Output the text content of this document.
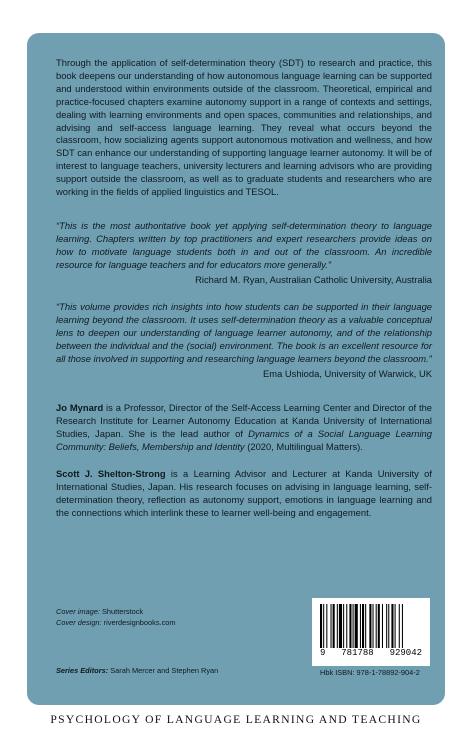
Through the application of self-determination theory (SDT) to research and practice, this book deepens our understanding of how autonomous language learning can be supported and understood within environments outside of the classroom. Theoretical, empirical and practice-focused chapters examine autonomy support in a range of contexts and settings, dealing with learning environments and open spaces, communities and relationships, and advising and self-access language learning. They reveal what occurs beyond the classroom, how socializing agents support autonomous motivation and wellness, and how SDT can enhance our understanding of supporting language learner autonomy. It will be of interest to language teachers, university lecturers and learning advisors who are providing support outside the classroom, as well as to graduate students and researchers who are working in the fields of applied linguistics and TESOL.

“This is the most authoritative book yet applying self-determination theory to language learning. Chapters written by top practitioners and expert researchers provide ideas on how to motivate language students both in and out of the classroom. An incredible resource for language teachers and for educators more generally.”

Richard M. Ryan, Australian Catholic University, Australia

“This volume provides rich insights into how students can be supported in their language learning beyond the classroom. It uses self-determination theory as a valuable conceptual lens to deepen our understanding of language learner autonomy, and of the relationship between the individual and the (social) environment. The book is an excellent resource for all those involved in supporting and researching language learners beyond the classroom.”

Ema Ushioda, University of Warwick, UK

Jo Mynard is a Professor, Director of the Self-Access Learning Center and Director of the Research Institute for Learner Autonomy Education at Kanda University of International Studies, Japan. She is the lead author of Dynamics of a Social Language Learning Community: Beliefs, Membership and Identity (2020, Multilingual Matters).

Scott J. Shelton-Strong is a Learning Advisor and Lecturer at Kanda University of International Studies, Japan. His research focuses on advising in language learning, self-determination theory, reflection as autonomy support, emotions in language learning and the connections which interlink these to learner well-being and engagement.

Cover image: Shutterstock
Cover design: riverdesignbooks.com

Series Editors: Sarah Mercer and Stephen Ryan

9 781788 929042
Hbk ISBN: 978-1-78892-904-2
PSYCHOLOGY OF LANGUAGE LEARNING AND TEACHING
